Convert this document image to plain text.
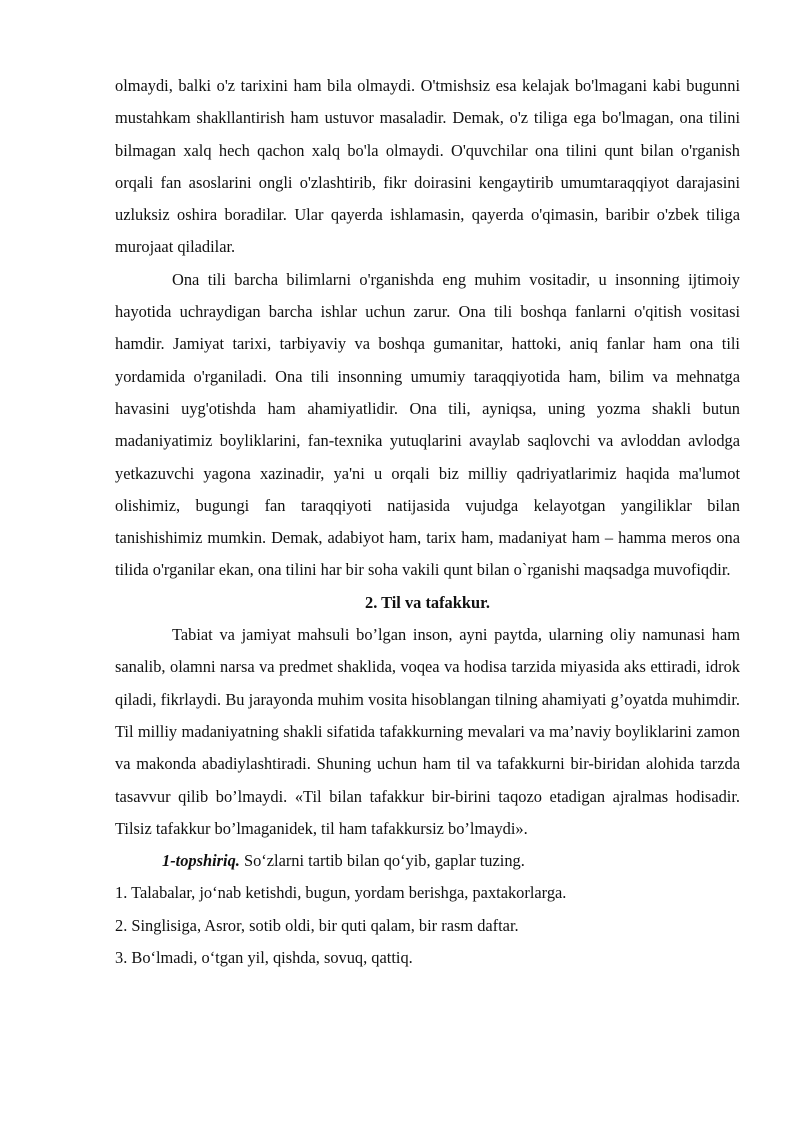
olmaydi, balki o'z tarixini ham bila olmaydi. O'tmishsiz esa kelajak bo'lmagani kabi bugunni mustahkam shakllantirish ham ustuvor masaladir. Demak, o'z tiliga ega bo'lmagan, ona tilini bilmagan xalq hech qachon xalq bo'la olmaydi. O'quvchilar ona tilini qunt bilan o'rganish orqali fan asoslarini ongli o'zlashtirib, fikr doirasini kengaytirib umumtaraqqiyot darajasini uzluksiz oshira boradilar. Ular qayerda ishlamasin, qayerda o'qimasin, baribir o'zbek tiliga murojaat qiladilar.

Ona tili barcha bilimlarni o'rganishda eng muhim vositadir, u insonning ijtimoiy hayotida uchraydigan barcha ishlar uchun zarur. Ona tili boshqa fanlarni o'qitish vositasi hamdir. Jamiyat tarixi, tarbiyaviy va boshqa gumanitar, hattoki, aniq fanlar ham ona tili yordamida o'rganiladi. Ona tili insonning umumiy taraqqiyotida ham, bilim va mehnatga havasini uyg'otishda ham ahamiyatlidir. Ona tili, ayniqsa, uning yozma shakli butun madaniyatimiz boyliklarini, fan-texnika yutuqlarini avaylab saqlovchi va avloddan avlodga yetkazuvchi yagona xazinadir, ya'ni u orqali biz milliy qadriyatlarimiz haqida ma'lumot olishimiz, bugungi fan taraqqiyoti natijasida vujudga kelayotgan yangiliklar bilan tanishishimiz mumkin. Demak, adabiyot ham, tarix ham, madaniyat ham – hamma meros ona tilida o'rganilar ekan, ona tilini har bir soha vakili qunt bilan o`rganishi maqsadga muvofiqdir.

2. Til va tafakkur.

Tabiat va jamiyat mahsuli bo’lgan inson, ayni paytda, ularning oliy namunasi ham sanalib, olamni narsa va predmet shaklida, voqea va hodisa tarzida miyasida aks ettiradi, idrok qiladi, fikrlaydi. Bu jarayonda muhim vosita hisoblangan tilning ahamiyati g’oyatda muhimdir. Til milliy madaniyatning shakli sifatida tafakkurning mevalari va ma’naviy boyliklarini zamon va makonda abadiylashtiradi. Shuning uchun ham til va tafakkurni bir-biridan alohida tarzda tasavvur qilib bo’lmaydi. «Til bilan tafakkur bir-birini taqozo etadigan ajralmas hodisadir. Tilsiz tafakkur bo’lmaganidek, til ham tafakkursiz bo’lmaydi».

1-topshiriq. So‘zlarni tartib bilan qo‘yib, gaplar tuzing.

1. Talabalar, jo‘nab ketishdi, bugun, yordam berishga, paxtakorlarga.

2. Singlisiga, Asror, sotib oldi, bir quti qalam, bir rasm daftar.

3. Bo‘lmadi, o‘tgan yil, qishda, sovuq, qattiq.
